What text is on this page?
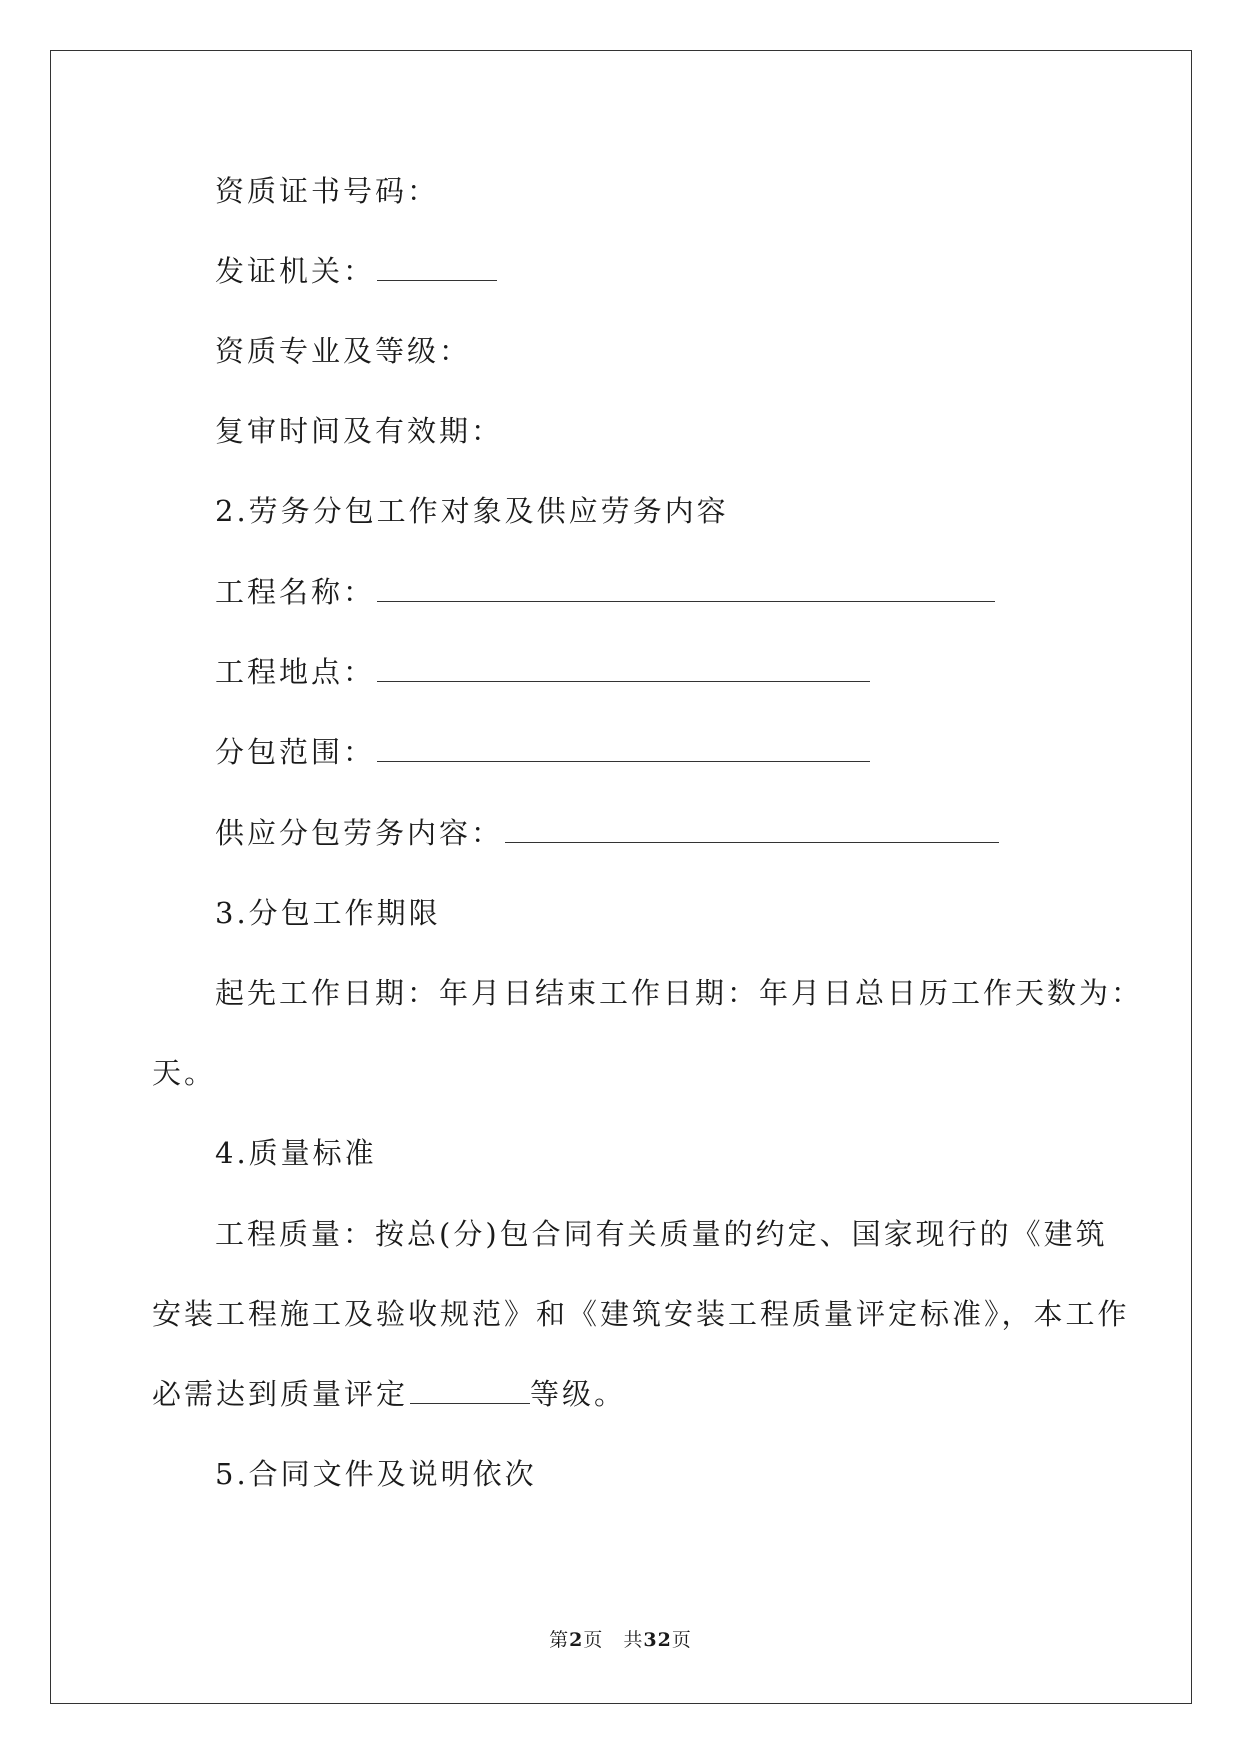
资质证书号码：
发证机关：
资质专业及等级：
复审时间及有效期：
2.劳务分包工作对象及供应劳务内容
工程名称：
工程地点：
分包范围：
供应分包劳务内容：
3.分包工作期限
起先工作日期：年月日结束工作日期：年月日总日历工作天数为：
天。
4.质量标准
工程质量：按总(分)包合同有关质量的约定、国家现行的《建筑
安装工程施工及验收规范》和《建筑安装工程质量评定标准》，本工作
必需达到质量评定	等级。
5.合同文件及说明依次
第2页 共32页
